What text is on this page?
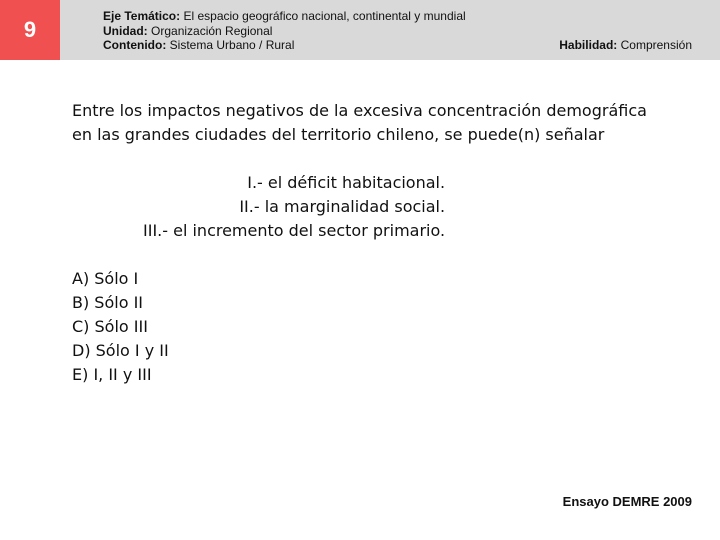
9
Eje Temático: El espacio geográfico nacional, continental y mundial
Unidad: Organización Regional
Contenido: Sistema Urbano / Rural	Habilidad: Comprensión
Entre los impactos negativos de la excesiva concentración demográfica
en las grandes ciudades del territorio chileno, se puede(n) señalar
I.- el déficit habitacional.
II.- la marginalidad social.
III.- el incremento del sector primario.
A) Sólo I
B) Sólo II
C) Sólo III
D) Sólo I y II
E) I, II y III
Ensayo DEMRE 2009
